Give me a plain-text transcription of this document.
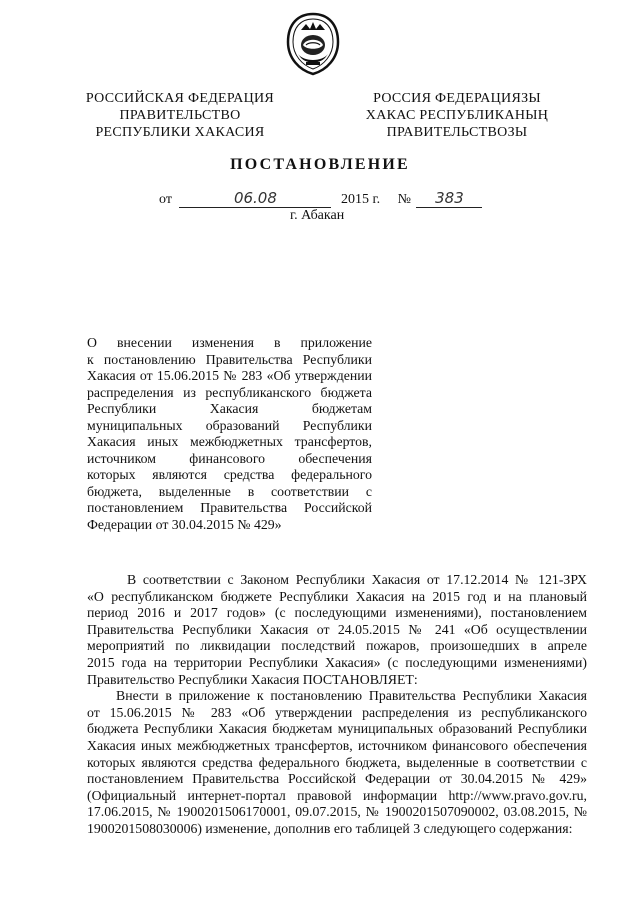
РОССИЙСКАЯ ФЕДЕРАЦИЯ
ПРАВИТЕЛЬСТВО
РЕСПУБЛИКИ ХАКАСИЯ
РОССИЯ ФЕДЕРАЦИЯЗЫ
ХАКАС РЕСПУБЛИКАНЫҢ
ПРАВИТЕЛЬСТВОЗЫ
ПОСТАНОВЛЕНИЕ
от	06.08	2015 г. № 383
г. Абакан
О внесении изменения в приложение
к постановлению Правительства Республики
Хакасия от 15.06.2015 № 283 «Об утверждении
распределения из республиканского бюджета
Республики Хакасия бюджетам
муниципальных образований Республики
Хакасия иных межбюджетных трансфертов,
источником финансового обеспечения
которых являются средства федерального
бюджета, выделенные в соответствии с
постановлением Правительства Российской
Федерации от 30.04.2015 № 429»
В соответствии с Законом Республики Хакасия от 17.12.2014 № 121-ЗРХ
«О республиканском бюджете Республики Хакасия на 2015 год и на плановый
период 2016 и 2017 годов» (с последующими изменениями), постановлением
Правительства Республики Хакасия от 24.05.2015 № 241 «Об осуществлении
мероприятий по ликвидации последствий пожаров, произошедших в апреле
2015 года на территории Республики Хакасия» (с последующими изменениями)
Правительство Республики Хакасия ПОСТАНОВЛЯЕТ:
Внести в приложение к постановлению Правительства Республики Хакасия
от 15.06.2015 № 283 «Об утверждении распределения из республиканского
бюджета Республики Хакасия бюджетам муниципальных образований Республики
Хакасия иных межбюджетных трансфертов, источником финансового обеспечения
которых являются средства федерального бюджета, выделенные в соответствии с
постановлением Правительства Российской Федерации от 30.04.2015 № 429»
(Официальный интернет-портал правовой информации http://www.pravo.gov.ru,
17.06.2015, № 1900201506170001, 09.07.2015, № 1900201507090002, 03.08.2015, №
1900201508030006) изменение, дополнив его таблицей 3 следующего содержания:
